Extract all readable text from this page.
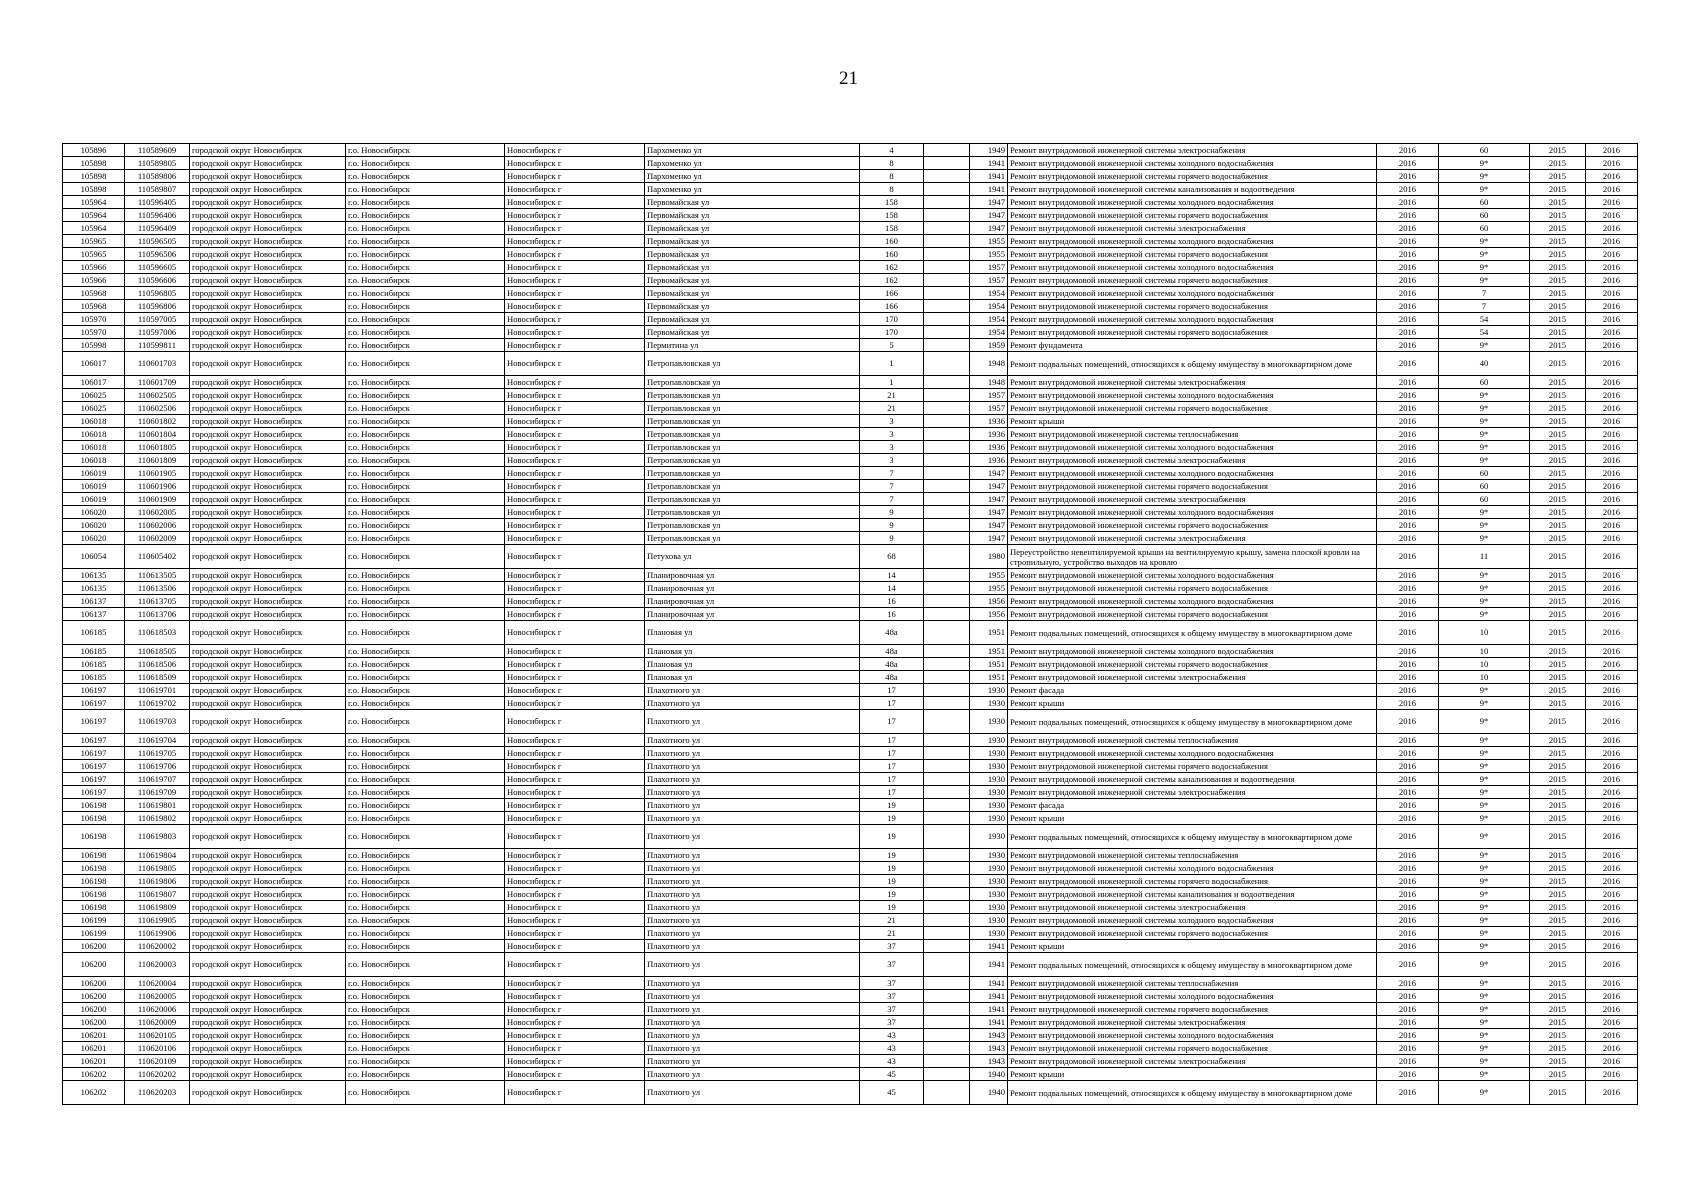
21
105896	110589609	городской округ Новосибирск	г.о. Новосибирск	Новосибирск г	Пархоменко ул	4		1949	Ремонт внутридомовой инженерной системы электроснабжения	2016	60	2015	2016
105898	110589805	городской округ Новосибирск	г.о. Новосибирск	Новосибирск г	Пархоменко ул	8		1941	Ремонт внутридомовой инженерной системы холодного водоснабжения	2016	9*	2015	2016
105898	110589806	городской округ Новосибирск	г.о. Новосибирск	Новосибирск г	Пархоменко ул	8		1941	Ремонт внутридомовой инженерной системы горячего водоснабжения	2016	9*	2015	2016
105898	110589807	городской округ Новосибирск	г.о. Новосибирск	Новосибирск г	Пархоменко ул	8		1941	Ремонт внутридомовой инженерной системы канализования и водоотведения	2016	9*	2015	2016
105964	110596405	городской округ Новосибирск	г.о. Новосибирск	Новосибирск г	Первомайская ул	158		1947	Ремонт внутридомовой инженерной системы холодного водоснабжения	2016	60	2015	2016
105964	110596406	городской округ Новосибирск	г.о. Новосибирск	Новосибирск г	Первомайская ул	158		1947	Ремонт внутридомовой инженерной системы горячего водоснабжения	2016	60	2015	2016
105964	110596409	городской округ Новосибирск	г.о. Новосибирск	Новосибирск г	Первомайская ул	158		1947	Ремонт внутридомовой инженерной системы электроснабжения	2016	60	2015	2016
105965	110596505	городской округ Новосибирск	г.о. Новосибирск	Новосибирск г	Первомайская ул	160		1955	Ремонт внутридомовой инженерной системы холодного водоснабжения	2016	9*	2015	2016
105965	110596506	городской округ Новосибирск	г.о. Новосибирск	Новосибирск г	Первомайская ул	160		1955	Ремонт внутридомовой инженерной системы горячего водоснабжения	2016	9*	2015	2016
105966	110596605	городской округ Новосибирск	г.о. Новосибирск	Новосибирск г	Первомайская ул	162		1957	Ремонт внутридомовой инженерной системы холодного водоснабжения	2016	9*	2015	2016
105966	110596606	городской округ Новосибирск	г.о. Новосибирск	Новосибирск г	Первомайская ул	162		1957	Ремонт внутридомовой инженерной системы горячего водоснабжения	2016	9*	2015	2016
105968	110596805	городской округ Новосибирск	г.о. Новосибирск	Новосибирск г	Первомайская ул	166		1954	Ремонт внутридомовой инженерной системы холодного водоснабжения	2016	7	2015	2016
105968	110596806	городской округ Новосибирск	г.о. Новосибирск	Новосибирск г	Первомайская ул	166		1954	Ремонт внутридомовой инженерной системы горячего водоснабжения	2016	7	2015	2016
105970	110597005	городской округ Новосибирск	г.о. Новосибирск	Новосибирск г	Первомайская ул	170		1954	Ремонт внутридомовой инженерной системы холодного водоснабжения	2016	54	2015	2016
105970	110597006	городской округ Новосибирск	г.о. Новосибирск	Новосибирск г	Первомайская ул	170		1954	Ремонт внутридомовой инженерной системы горячего водоснабжения	2016	54	2015	2016
105998	110599811	городской округ Новосибирск	г.о. Новосибирск	Новосибирск г	Пермитина ул	5		1959	Ремонт фундамента	2016	9*	2015	2016
106017	110601703	городской округ Новосибирск	г.о. Новосибирск	Новосибирск г	Петропавловская ул	1		1948	Ремонт подвальных помещений, относящихся к общему имуществу в многоквартирном доме	2016	40	2015	2016
106017	110601709	городской округ Новосибирск	г.о. Новосибирск	Новосибирск г	Петропавловская ул	1		1948	Ремонт внутридомовой инженерной системы электроснабжения	2016	60	2015	2016
106025	110602505	городской округ Новосибирск	г.о. Новосибирск	Новосибирск г	Петропавловская ул	21		1957	Ремонт внутридомовой инженерной системы холодного водоснабжения	2016	9*	2015	2016
106025	110602506	городской округ Новосибирск	г.о. Новосибирск	Новосибирск г	Петропавловская ул	21		1957	Ремонт внутридомовой инженерной системы горячего водоснабжения	2016	9*	2015	2016
106018	110601802	городской округ Новосибирск	г.о. Новосибирск	Новосибирск г	Петропавловская ул	3		1936	Ремонт крыши	2016	9*	2015	2016
106018	110601804	городской округ Новосибирск	г.о. Новосибирск	Новосибирск г	Петропавловская ул	3		1936	Ремонт внутридомовой инженерной системы теплоснабжения	2016	9*	2015	2016
106018	110601805	городской округ Новосибирск	г.о. Новосибирск	Новосибирск г	Петропавловская ул	3		1936	Ремонт внутридомовой инженерной системы холодного водоснабжения	2016	9*	2015	2016
106018	110601809	городской округ Новосибирск	г.о. Новосибирск	Новосибирск г	Петропавловская ул	3		1936	Ремонт внутридомовой инженерной системы электроснабжения	2016	9*	2015	2016
106019	110601905	городской округ Новосибирск	г.о. Новосибирск	Новосибирск г	Петропавловская ул	7		1947	Ремонт внутридомовой инженерной системы холодного водоснабжения	2016	60	2015	2016
106019	110601906	городской округ Новосибирск	г.о. Новосибирск	Новосибирск г	Петропавловская ул	7		1947	Ремонт внутридомовой инженерной системы горячего водоснабжения	2016	60	2015	2016
106019	110601909	городской округ Новосибирск	г.о. Новосибирск	Новосибирск г	Петропавловская ул	7		1947	Ремонт внутридомовой инженерной системы электроснабжения	2016	60	2015	2016
106020	110602005	городской округ Новосибирск	г.о. Новосибирск	Новосибирск г	Петропавловская ул	9		1947	Ремонт внутридомовой инженерной системы холодного водоснабжения	2016	9*	2015	2016
106020	110602006	городской округ Новосибирск	г.о. Новосибирск	Новосибирск г	Петропавловская ул	9		1947	Ремонт внутридомовой инженерной системы горячего водоснабжения	2016	9*	2015	2016
106020	110602009	городской округ Новосибирск	г.о. Новосибирск	Новосибирск г	Петропавловская ул	9		1947	Ремонт внутридомовой инженерной системы электроснабжения	2016	9*	2015	2016
106054	110605402	городской округ Новосибирск	г.о. Новосибирск	Новосибирск г	Петухова ул	68		1980	Переустройство невентилируемой крыши на вентилируемую крышу, замена плоской кровли на стропильную, устройство выходов на кровлю	2016	11	2015	2016
106135	110613505	городской округ Новосибирск	г.о. Новосибирск	Новосибирск г	Планировочная ул	14		1955	Ремонт внутридомовой инженерной системы холодного водоснабжения	2016	9*	2015	2016
106135	110613506	городской округ Новосибирск	г.о. Новосибирск	Новосибирск г	Планировочная ул	14		1955	Ремонт внутридомовой инженерной системы горячего водоснабжения	2016	9*	2015	2016
106137	110613705	городской округ Новосибирск	г.о. Новосибирск	Новосибирск г	Планировочная ул	16		1956	Ремонт внутридомовой инженерной системы холодного водоснабжения	2016	9*	2015	2016
106137	110613706	городской округ Новосибирск	г.о. Новосибирск	Новосибирск г	Планировочная ул	16		1956	Ремонт внутридомовой инженерной системы горячего водоснабжения	2016	9*	2015	2016
106185	110618503	городской округ Новосибирск	г.о. Новосибирск	Новосибирск г	Плановая ул	48а		1951	Ремонт подвальных помещений, относящихся к общему имуществу в многоквартирном доме	2016	10	2015	2016
106185	110618505	городской округ Новосибирск	г.о. Новосибирск	Новосибирск г	Плановая ул	48а		1951	Ремонт внутридомовой инженерной системы холодного водоснабжения	2016	10	2015	2016
106185	110618506	городской округ Новосибирск	г.о. Новосибирск	Новосибирск г	Плановая ул	48а		1951	Ремонт внутридомовой инженерной системы горячего водоснабжения	2016	10	2015	2016
106185	110618509	городской округ Новосибирск	г.о. Новосибирск	Новосибирск г	Плановая ул	48а		1951	Ремонт внутридомовой инженерной системы электроснабжения	2016	10	2015	2016
106197	110619701	городской округ Новосибирск	г.о. Новосибирск	Новосибирск г	Плахотного ул	17		1930	Ремонт фасада	2016	9*	2015	2016
106197	110619702	городской округ Новосибирск	г.о. Новосибирск	Новосибирск г	Плахотного ул	17		1930	Ремонт крыши	2016	9*	2015	2016
106197	110619703	городской округ Новосибирск	г.о. Новосибирск	Новосибирск г	Плахотного ул	17		1930	Ремонт подвальных помещений, относящихся к общему имуществу в многоквартирном доме	2016	9*	2015	2016
106197	110619704	городской округ Новосибирск	г.о. Новосибирск	Новосибирск г	Плахотного ул	17		1930	Ремонт внутридомовой инженерной системы теплоснабжения	2016	9*	2015	2016
106197	110619705	городской округ Новосибирск	г.о. Новосибирск	Новосибирск г	Плахотного ул	17		1930	Ремонт внутридомовой инженерной системы холодного водоснабжения	2016	9*	2015	2016
106197	110619706	городской округ Новосибирск	г.о. Новосибирск	Новосибирск г	Плахотного ул	17		1930	Ремонт внутридомовой инженерной системы горячего водоснабжения	2016	9*	2015	2016
106197	110619707	городской округ Новосибирск	г.о. Новосибирск	Новосибирск г	Плахотного ул	17		1930	Ремонт внутридомовой инженерной системы канализования и водоотведения	2016	9*	2015	2016
106197	110619709	городской округ Новосибирск	г.о. Новосибирск	Новосибирск г	Плахотного ул	17		1930	Ремонт внутридомовой инженерной системы электроснабжения	2016	9*	2015	2016
106198	110619801	городской округ Новосибирск	г.о. Новосибирск	Новосибирск г	Плахотного ул	19		1930	Ремонт фасада	2016	9*	2015	2016
106198	110619802	городской округ Новосибирск	г.о. Новосибирск	Новосибирск г	Плахотного ул	19		1930	Ремонт крыши	2016	9*	2015	2016
106198	110619803	городской округ Новосибирск	г.о. Новосибирск	Новосибирск г	Плахотного ул	19		1930	Ремонт подвальных помещений, относящихся к общему имуществу в многоквартирном доме	2016	9*	2015	2016
106198	110619804	городской округ Новосибирск	г.о. Новосибирск	Новосибирск г	Плахотного ул	19		1930	Ремонт внутридомовой инженерной системы теплоснабжения	2016	9*	2015	2016
106198	110619805	городской округ Новосибирск	г.о. Новосибирск	Новосибирск г	Плахотного ул	19		1930	Ремонт внутридомовой инженерной системы холодного водоснабжения	2016	9*	2015	2016
106198	110619806	городской округ Новосибирск	г.о. Новосибирск	Новосибирск г	Плахотного ул	19		1930	Ремонт внутридомовой инженерной системы горячего водоснабжения	2016	9*	2015	2016
106198	110619807	городской округ Новосибирск	г.о. Новосибирск	Новосибирск г	Плахотного ул	19		1930	Ремонт внутридомовой инженерной системы канализования и водоотведения	2016	9*	2015	2016
106198	110619809	городской округ Новосибирск	г.о. Новосибирск	Новосибирск г	Плахотного ул	19		1930	Ремонт внутридомовой инженерной системы электроснабжения	2016	9*	2015	2016
106199	110619905	городской округ Новосибирск	г.о. Новосибирск	Новосибирск г	Плахотного ул	21		1930	Ремонт внутридомовой инженерной системы холодного водоснабжения	2016	9*	2015	2016
106199	110619906	городской округ Новосибирск	г.о. Новосибирск	Новосибирск г	Плахотного ул	21		1930	Ремонт внутридомовой инженерной системы горячего водоснабжения	2016	9*	2015	2016
106200	110620002	городской округ Новосибирск	г.о. Новосибирск	Новосибирск г	Плахотного ул	37		1941	Ремонт крыши	2016	9*	2015	2016
106200	110620003	городской округ Новосибирск	г.о. Новосибирск	Новосибирск г	Плахотного ул	37		1941	Ремонт подвальных помещений, относящихся к общему имуществу в многоквартирном доме	2016	9*	2015	2016
106200	110620004	городской округ Новосибирск	г.о. Новосибирск	Новосибирск г	Плахотного ул	37		1941	Ремонт внутридомовой инженерной системы теплоснабжения	2016	9*	2015	2016
106200	110620005	городской округ Новосибирск	г.о. Новосибирск	Новосибирск г	Плахотного ул	37		1941	Ремонт внутридомовой инженерной системы холодного водоснабжения	2016	9*	2015	2016
106200	110620006	городской округ Новосибирск	г.о. Новосибирск	Новосибирск г	Плахотного ул	37		1941	Ремонт внутридомовой инженерной системы горячего водоснабжения	2016	9*	2015	2016
106200	110620009	городской округ Новосибирск	г.о. Новосибирск	Новосибирск г	Плахотного ул	37		1941	Ремонт внутридомовой инженерной системы электроснабжения	2016	9*	2015	2016
106201	110620105	городской округ Новосибирск	г.о. Новосибирск	Новосибирск г	Плахотного ул	43		1943	Ремонт внутридомовой инженерной системы холодного водоснабжения	2016	9*	2015	2016
106201	110620106	городской округ Новосибирск	г.о. Новосибирск	Новосибирск г	Плахотного ул	43		1943	Ремонт внутридомовой инженерной системы горячего водоснабжения	2016	9*	2015	2016
106201	110620109	городской округ Новосибирск	г.о. Новосибирск	Новосибирск г	Плахотного ул	43		1943	Ремонт внутридомовой инженерной системы электроснабжения	2016	9*	2015	2016
106202	110620202	городской округ Новосибирск	г.о. Новосибирск	Новосибирск г	Плахотного ул	45		1940	Ремонт крыши	2016	9*	2015	2016
106202	110620203	городской округ Новосибирск	г.о. Новосибирск	Новосибирск г	Плахотного ул	45		1940	Ремонт подвальных помещений, относящихся к общему имуществу в многоквартирном доме	2016	9*	2015	2016
